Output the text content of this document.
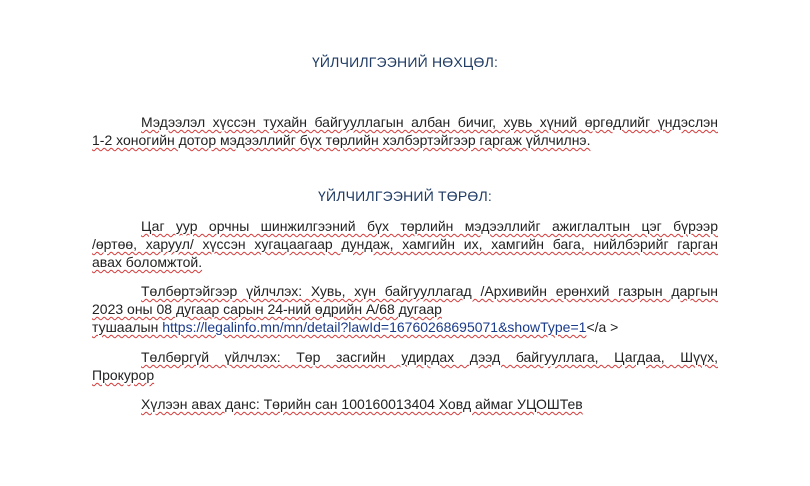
ҮЙЛЧИЛГЭЭНИЙ НӨХЦӨЛ:
Мэдээлэл хүссэн тухайн байгууллагын албан бичиг, хувь хүний өргөдлийг үндэслэн
1-2 хоногийн дотор мэдээллийг бүх төрлийн хэлбэртэйгээр гаргаж үйлчилнэ.
ҮЙЛЧИЛГЭЭНИЙ ТӨРӨЛ:
Цаг уур орчны шинжилгээний бүх төрлийн мэдээллийг ажиглалтын цэг бүрээр
/өртөө, харуул/ хүссэн хугацаагаар дундаж, хамгийн их, хамгийн бага, нийлбэрийг гарган
авах боломжтой.
Төлбөртэйгээр үйлчлэх: Хувь, хүн байгууллагад /Архивийн ерөнхий газрын даргын
2023 оны 08 дугаар сарын 24-ний өдрийн А/68 дугаар
тушаалын https://legalinfo.mn/mn/detail?lawId=16760268695071&showType=1</a >
Төлбөргүй үйлчлэх: Төр засгийн удирдах дээд байгууллага, Цагдаа, Шүүх,
Прокурор
Хүлээн авах данс: Төрийн сан 100160013404 Ховд аймаг УЦОШТев
